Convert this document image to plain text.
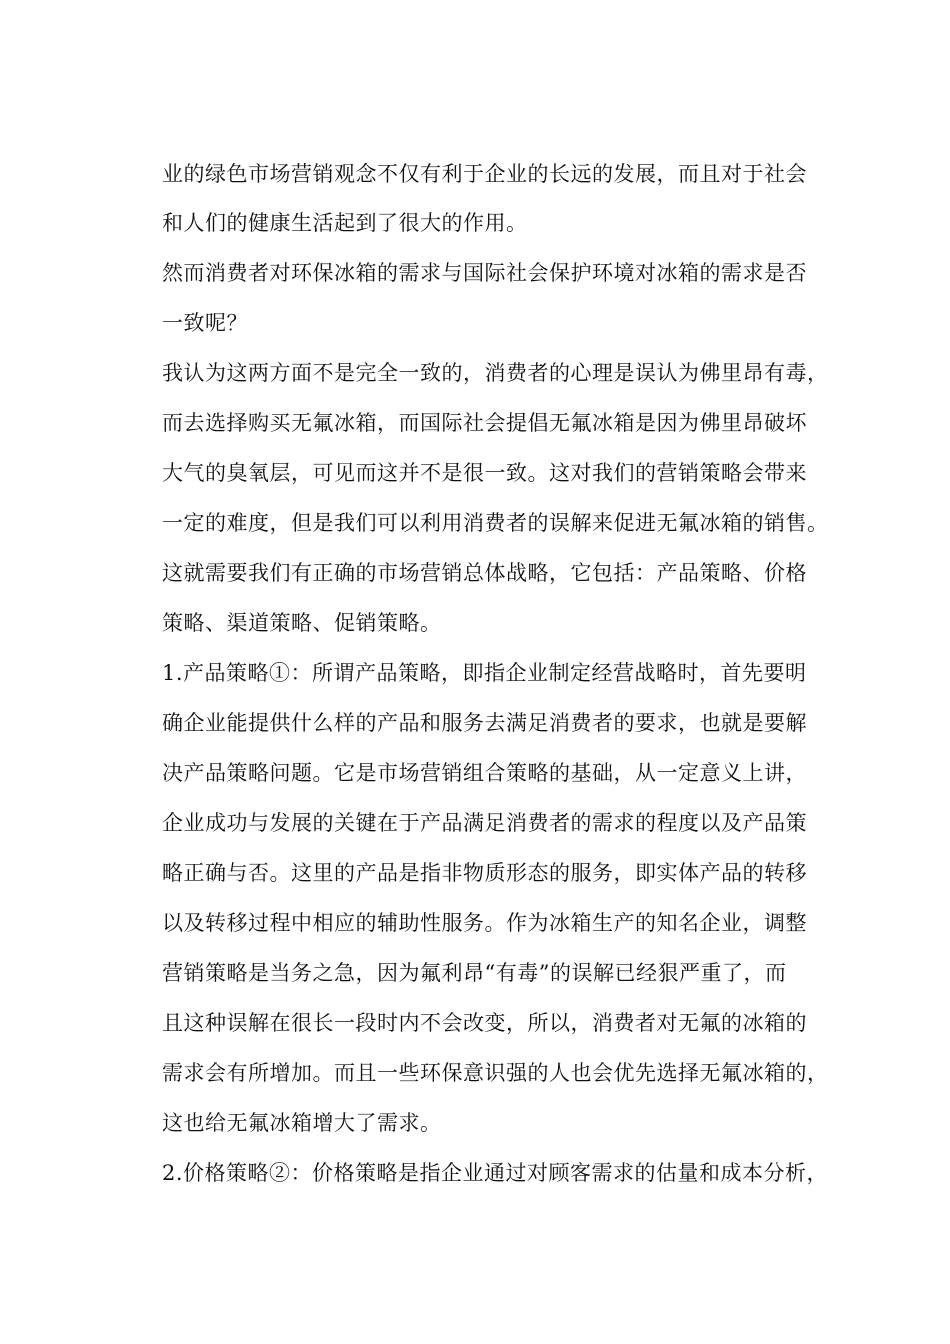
业的绿色市场营销观念不仅有利于企业的长远的发展，而且对于社会
和人们的健康生活起到了很大的作用。
然而消费者对环保冰箱的需求与国际社会保护环境对冰箱的需求是否
一致呢？
我认为这两方面不是完全一致的，消费者的心理是误认为佛里昂有毒，
而去选择购买无氟冰箱，而国际社会提倡无氟冰箱是因为佛里昂破坏
大气的臭氧层，可见而这并不是很一致。这对我们的营销策略会带来
一定的难度，但是我们可以利用消费者的误解来促进无氟冰箱的销售。
这就需要我们有正确的市场营销总体战略，它包括：产品策略、价格
策略、渠道策略、促销策略。
1.产品策略①：所谓产品策略，即指企业制定经营战略时，首先要明
确企业能提供什么样的产品和服务去满足消费者的要求，也就是要解
决产品策略问题。它是市场营销组合策略的基础，从一定意义上讲，
企业成功与发展的关键在于产品满足消费者的需求的程度以及产品策
略正确与否。这里的产品是指非物质形态的服务，即实体产品的转移
以及转移过程中相应的辅助性服务。作为冰箱生产的知名企业，调整
营销策略是当务之急，因为氟利昂“有毒”的误解已经狠严重了，而
且这种误解在很长一段时内不会改变，所以，消费者对无氟的冰箱的
需求会有所增加。而且一些环保意识强的人也会优先选择无氟冰箱的，
这也给无氟冰箱增大了需求。
2.价格策略②：价格策略是指企业通过对顾客需求的估量和成本分析，
